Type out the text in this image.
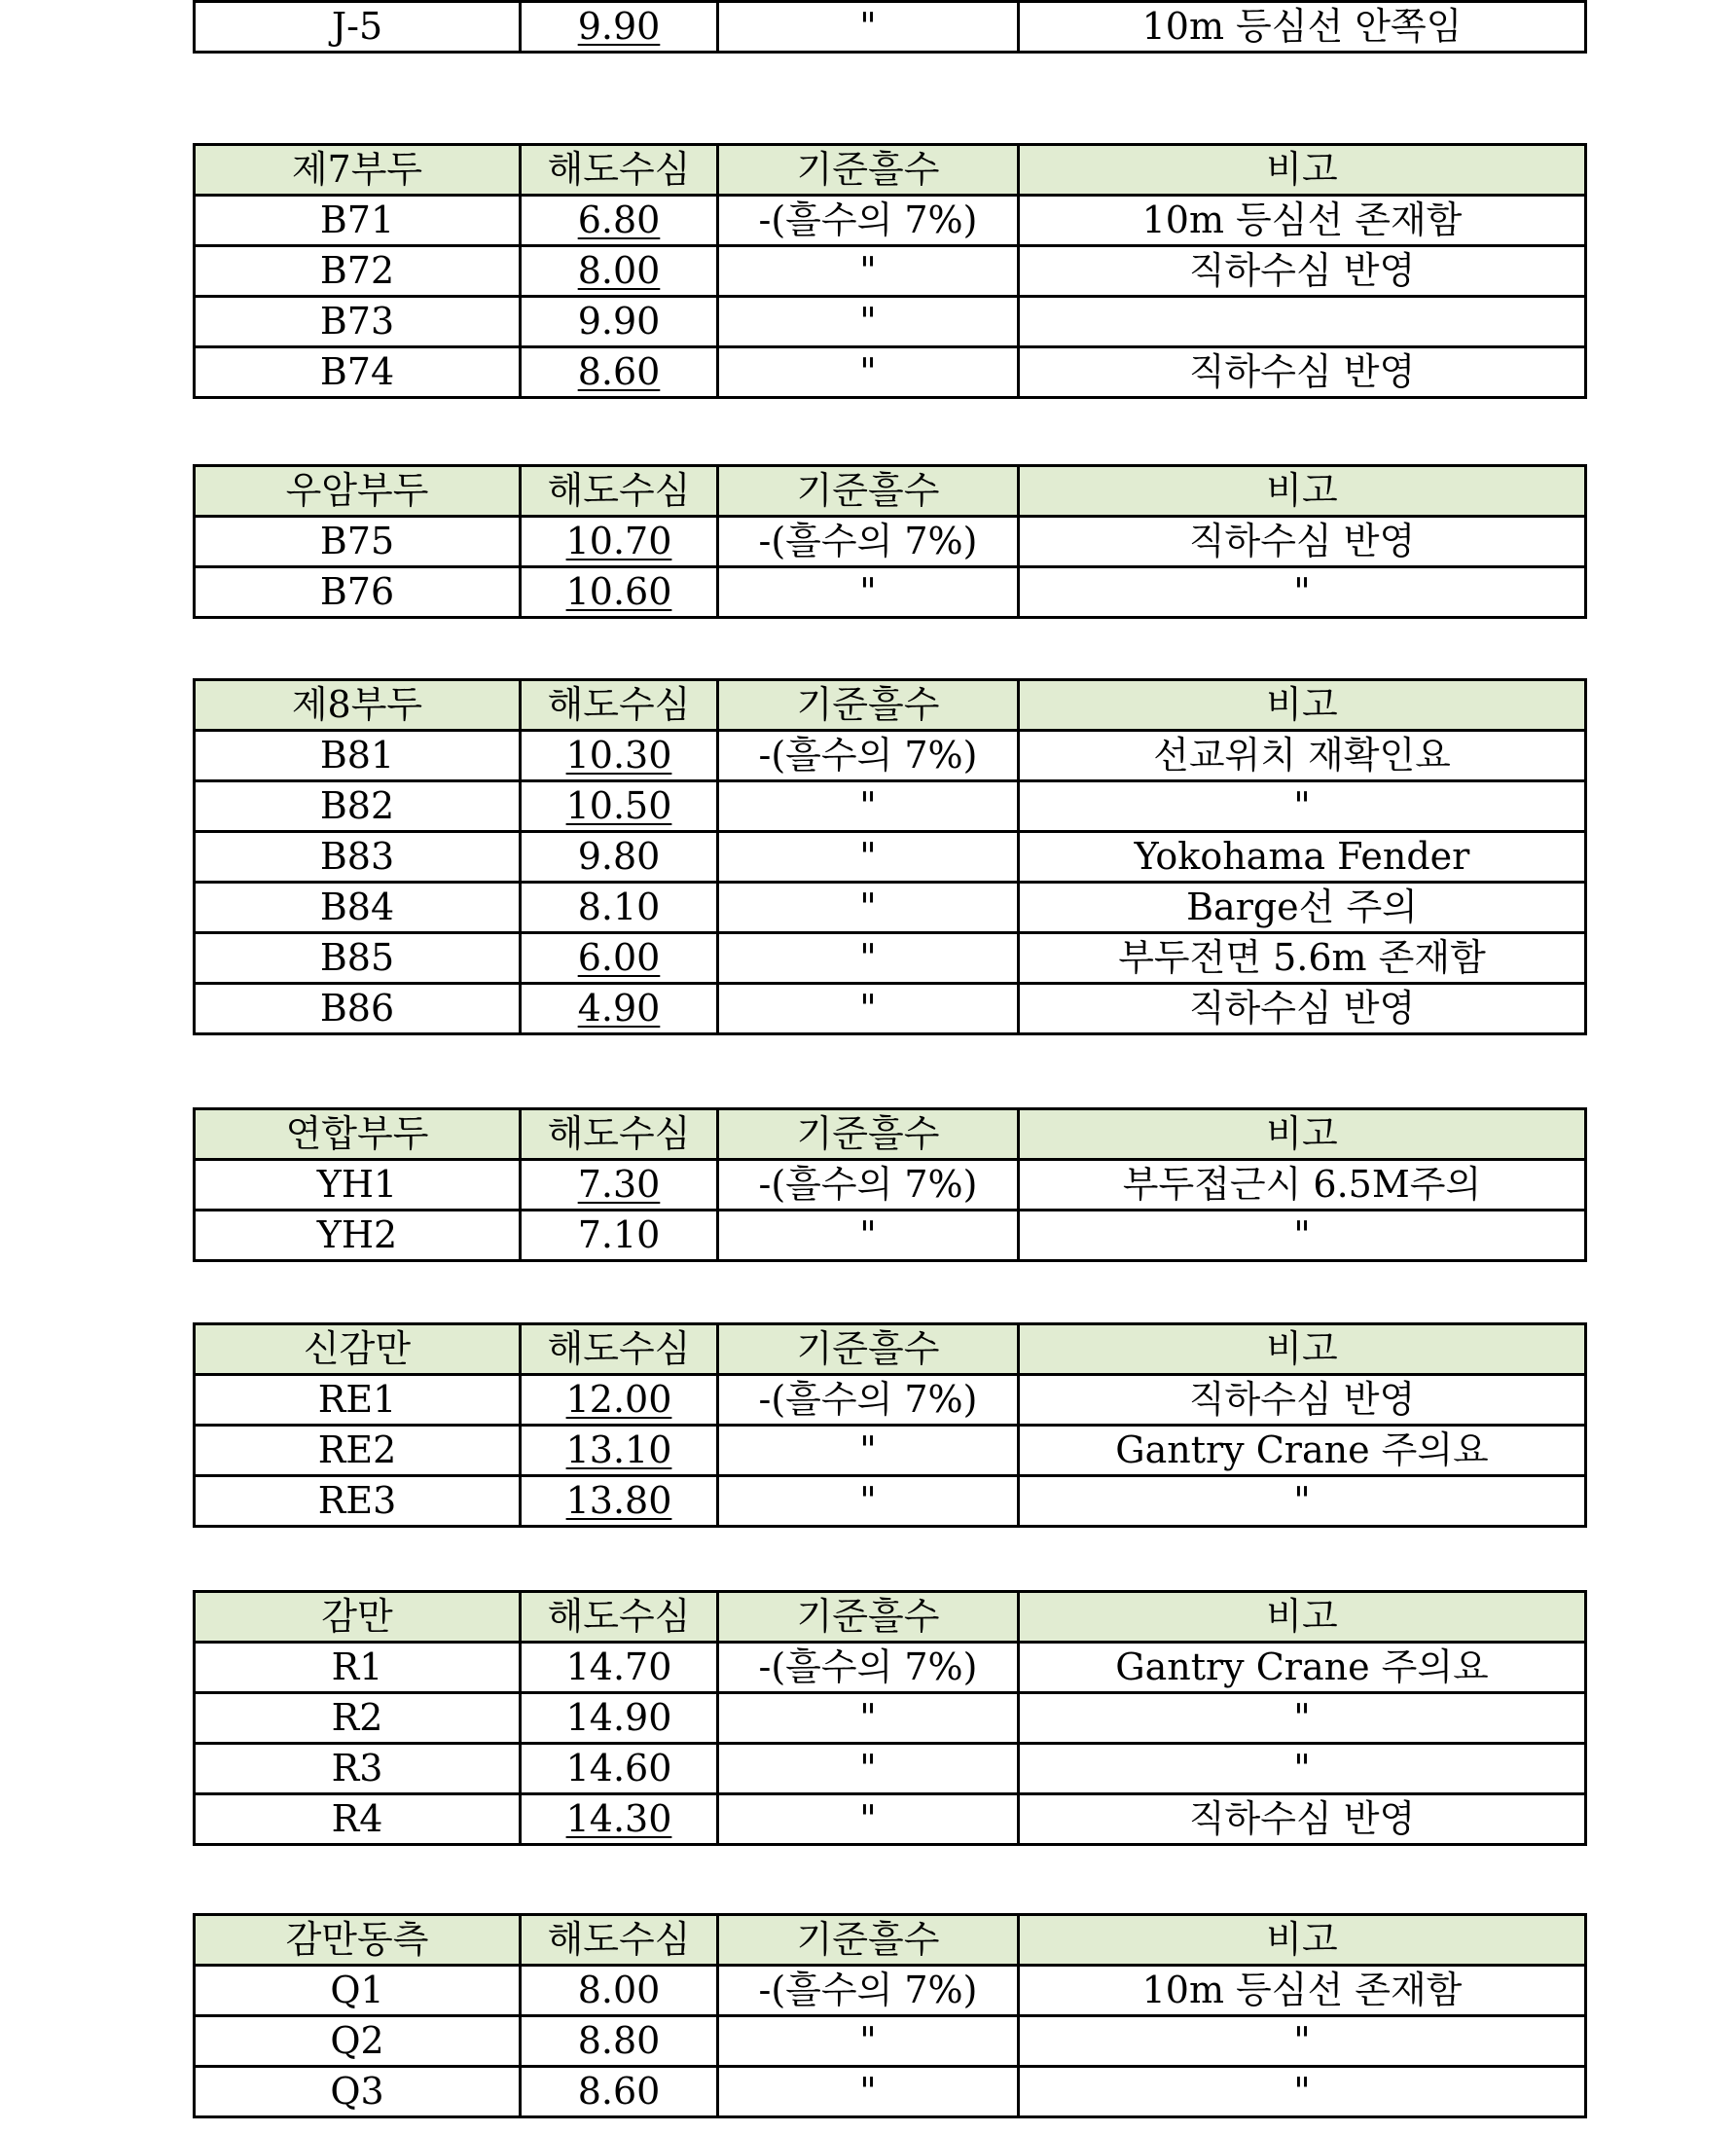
J-5	9.90	"	10m 등심선 안쪽임
제7부두	해도수심	기준흘수	비고
B71	6.80	-(흘수의 7%)	10m 등심선 존재함
B72	8.00	"	직하수심 반영
B73	9.90	"	
B74	8.60	"	직하수심 반영
우암부두	해도수심	기준흘수	비고
B75	10.70	-(흘수의 7%)	직하수심 반영
B76	10.60	"	"
제8부두	해도수심	기준흘수	비고
B81	10.30	-(흘수의 7%)	선교위치 재확인요
B82	10.50	"	"
B83	9.80	"	Yokohama Fender
B84	8.10	"	Barge선 주의
B85	6.00	"	부두전면 5.6m 존재함
B86	4.90	"	직하수심 반영
연합부두	해도수심	기준흘수	비고
YH1	7.30	-(흘수의 7%)	부두접근시 6.5M주의
YH2	7.10	"	"
신감만	해도수심	기준흘수	비고
RE1	12.00	-(흘수의 7%)	직하수심 반영
RE2	13.10	"	Gantry Crane 주의요
RE3	13.80	"	"
감만	해도수심	기준흘수	비고
R1	14.70	-(흘수의 7%)	Gantry Crane 주의요
R2	14.90	"	"
R3	14.60	"	"
R4	14.30	"	직하수심 반영
감만동측	해도수심	기준흘수	비고
Q1	8.00	-(흘수의 7%)	10m 등심선 존재함
Q2	8.80	"	"
Q3	8.60	"	"
